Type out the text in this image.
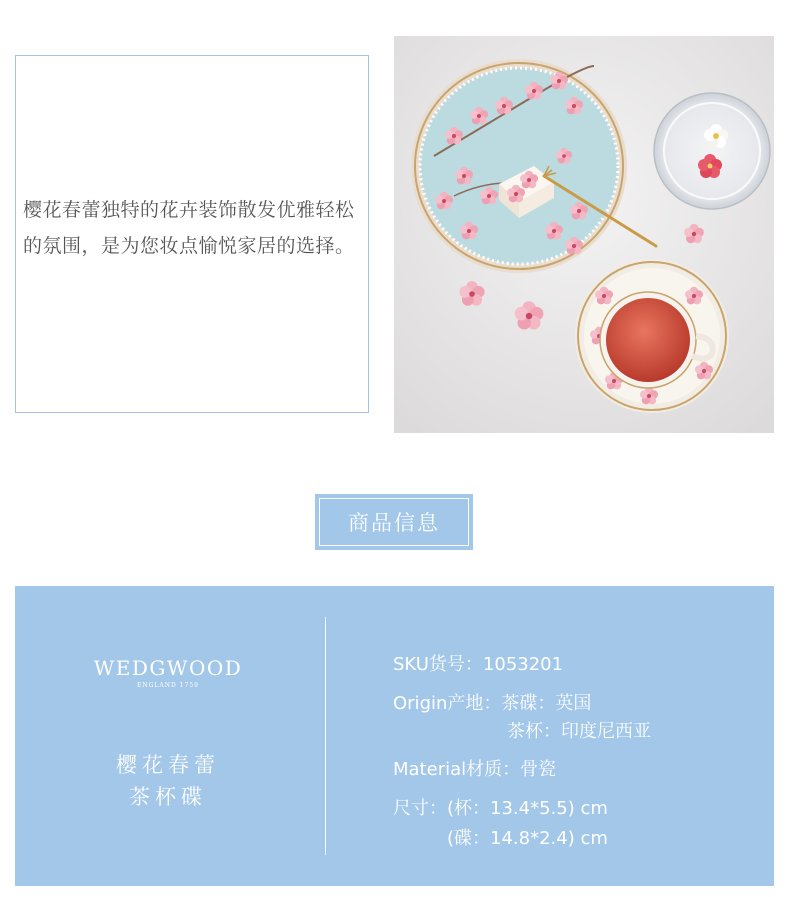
樱花春蕾独特的花卉装饰散发优雅轻松的氛围，是为您妆点愉悦家居的选择。
商品信息
WEDGWOOD
ENGLAND 1759
樱花春蕾
茶杯碟
SKU货号：1053201
Origin产地：茶碟：英国
茶杯：印度尼西亚
Material材质：骨瓷
尺寸：(杯：13.4*5.5) cm
(碟：14.8*2.4) cm
